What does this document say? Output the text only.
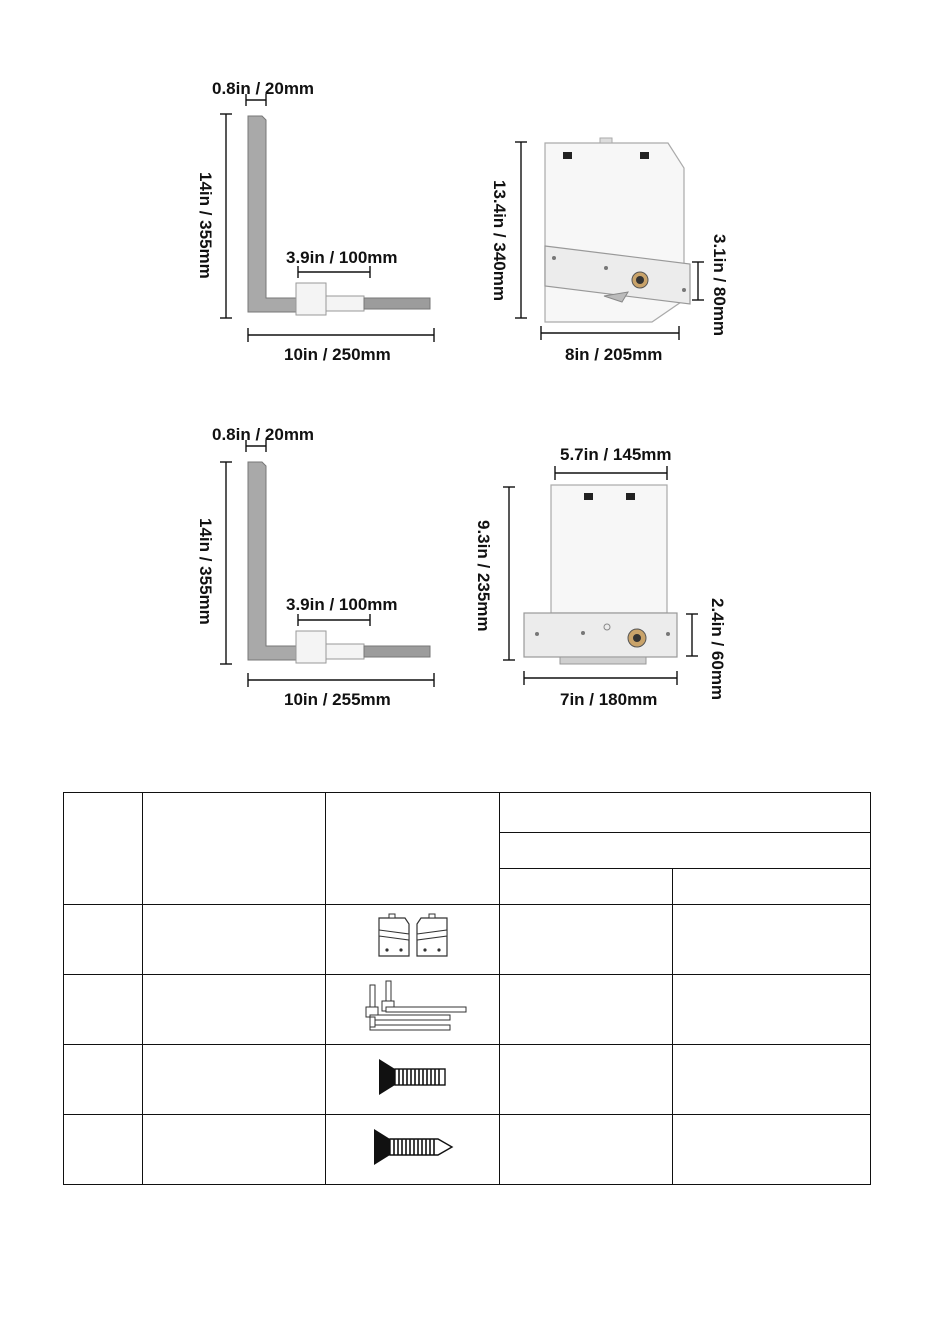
0.8in / 20mm
14in / 355mm	3.9in / 100mm
10in / 250mm
13.4in / 340mm	3.1in / 80mm
8in / 205mm
0.8in / 20mm
14in / 355mm	3.9in / 100mm
10in / 255mm
5.7in / 145mm
9.3in / 235mm
2.4in / 60mm
7in / 180mm
